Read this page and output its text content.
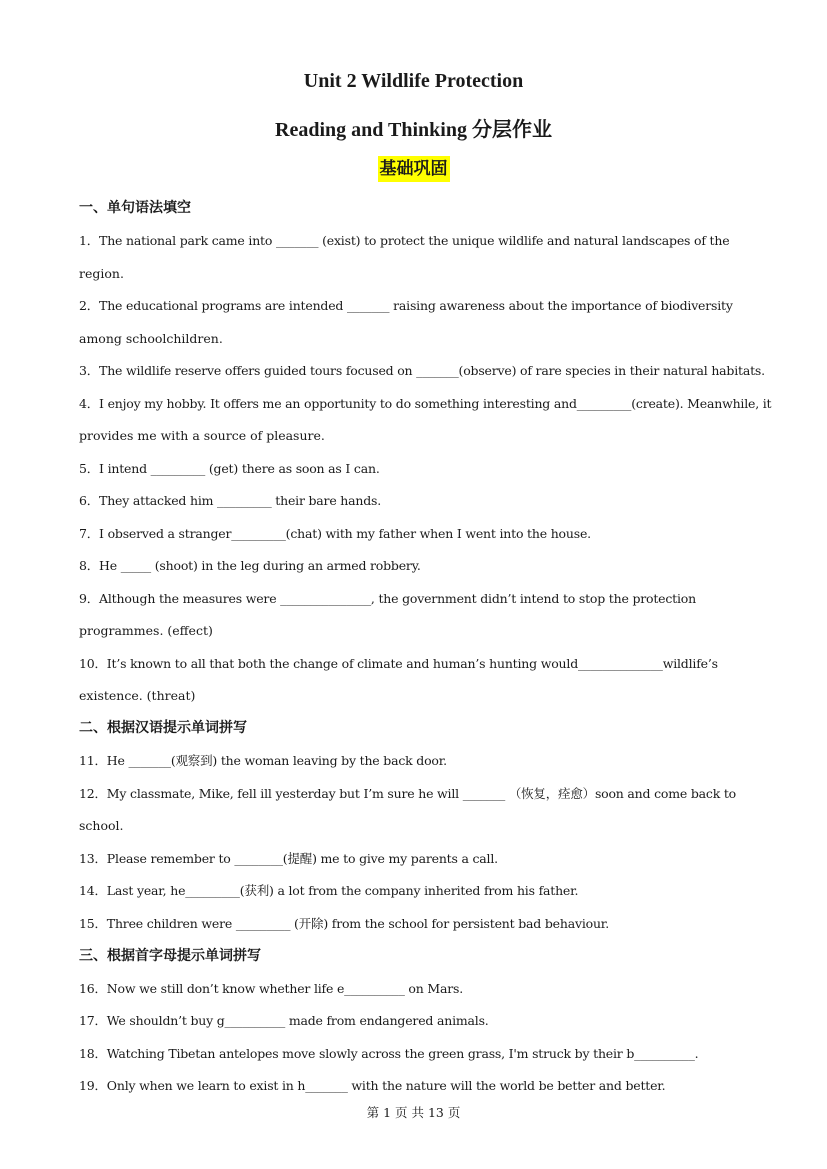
Unit 2 Wildlife Protection
Reading and Thinking 分层作业
基础巩固
一、单句语法填空
1．The national park came into _______ (exist) to protect the unique wildlife and natural landscapes of the
region.
2．The educational programs are intended _______ raising awareness about the importance of biodiversity
among schoolchildren.
3．The wildlife reserve offers guided tours focused on _______(observe) of rare species in their natural habitats.
4．I enjoy my hobby. It offers me an opportunity to do something interesting and_________(create). Meanwhile, it
provides me with a source of pleasure.
5．I intend _________ (get) there as soon as I can.
6．They attacked him _________ their bare hands.
7．I observed a stranger_________(chat) with my father when I went into the house.
8．He _____ (shoot) in the leg during an armed robbery.
9．Although the measures were _______________, the government didn’t intend to stop the protection
programmes. (effect)
10．It’s known to all that both the change of climate and human’s hunting would______________wildlife’s
existence. (threat)
二、根据汉语提示单词拼写
11．He _______(观察到) the woman leaving by the back door.
12．My classmate, Mike, fell ill yesterday but I’m sure he will _______ （恢复，痊愈）soon and come back to
school.
13．Please remember to ________(提醒) me to give my parents a call.
14．Last year, he_________(获利) a lot from the company inherited from his father.
15．Three children were _________ (开除) from the school for persistent bad behaviour.
三、根据首字母提示单词拼写
16．Now we still don’t know whether life e__________ on Mars.
17．We shouldn’t buy g__________ made from endangered animals.
18．Watching Tibetan antelopes move slowly across the green grass, I'm struck by their b__________.
19．Only when we learn to exist in h_______ with the nature will the world be better and better.
第 1 页 共 13 页
